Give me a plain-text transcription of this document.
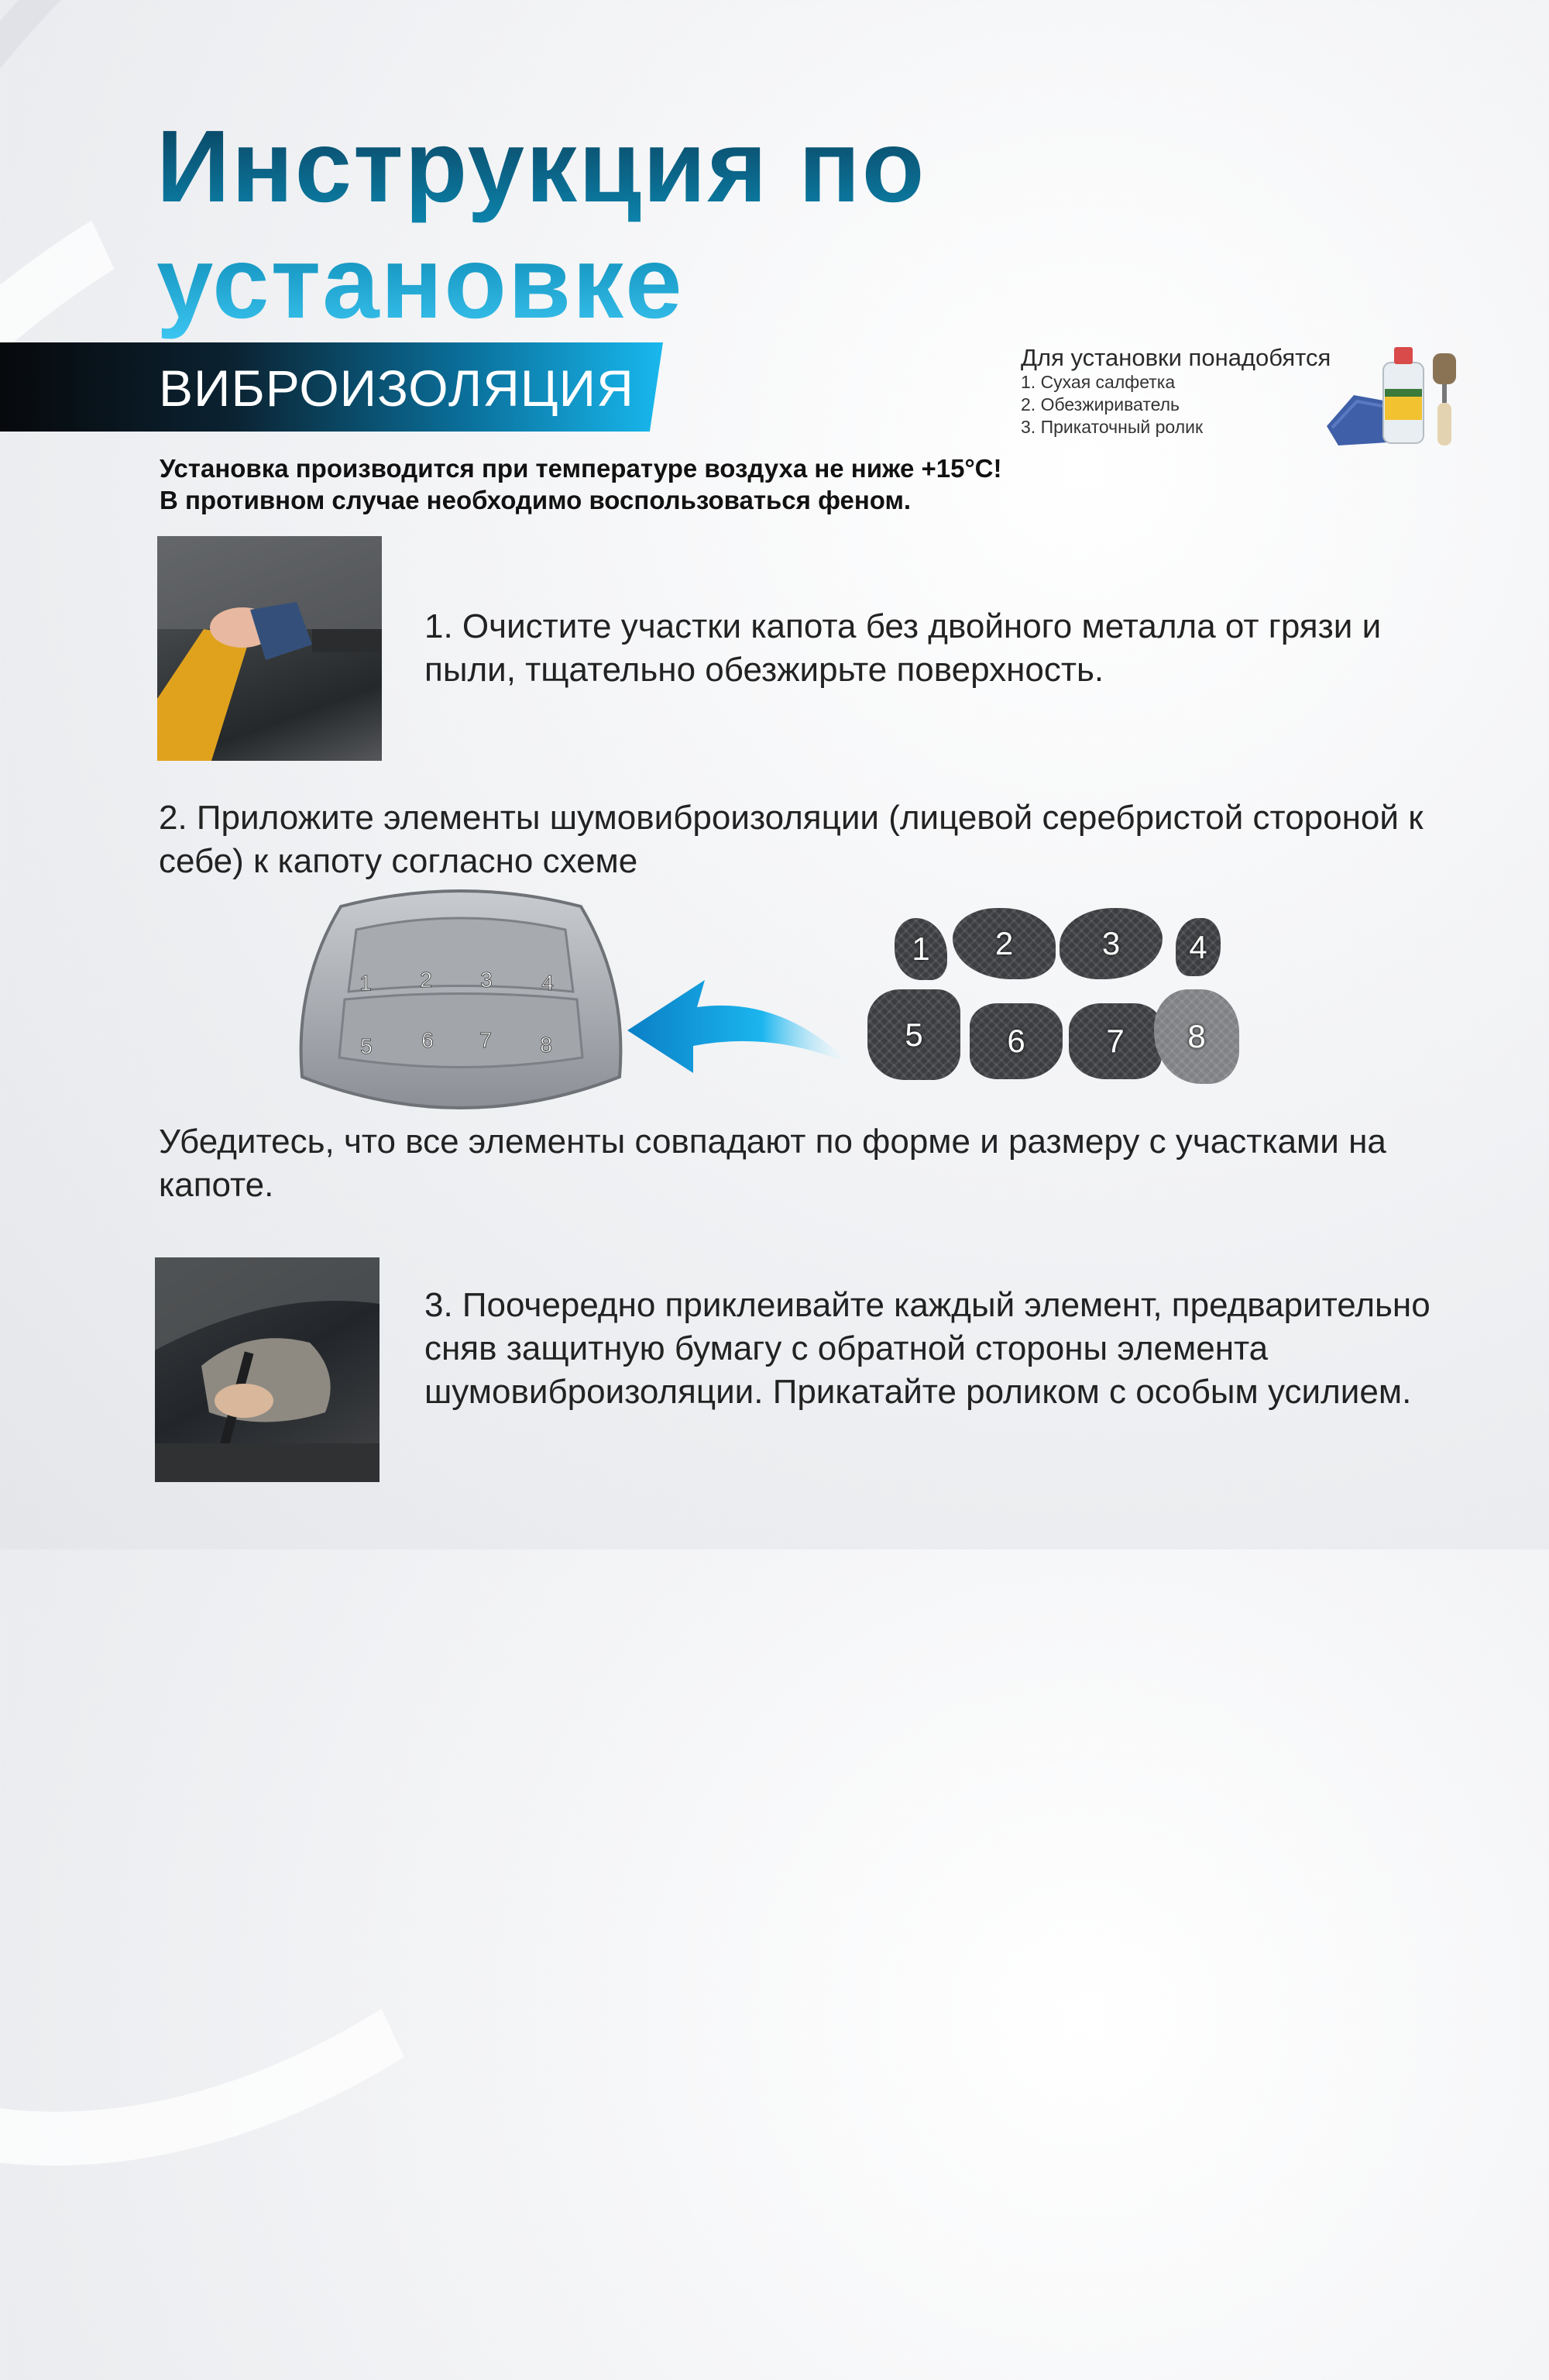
Инструкция по
установке
ВИБРОИЗОЛЯЦИЯ
Для установки понадобятся
1. Сухая салфетка
2. Обезжириватель
3. Прикаточный ролик
Установка производится при температуре воздуха не ниже +15°С!
В противном случае необходимо воспользоваться феном.
1. Очистите участки капота без двойного металла от грязи и пыли, тщательно обезжирьте поверхность.
2. Приложите элементы шумовиброизоляции (лицевой серебристой стороной к себе) к капоту согласно схеме
1 2 3 4
5 6 7 8
1	2	3	4
5	6	7	8
Убедитесь, что все элементы совпадают по форме и размеру с участками на капоте.
3. Поочередно приклеивайте каждый элемент, предварительно сняв защитную бумагу с обратной стороны элемента шумовиброизоляции. Прикатайте роликом с особым усилием.
